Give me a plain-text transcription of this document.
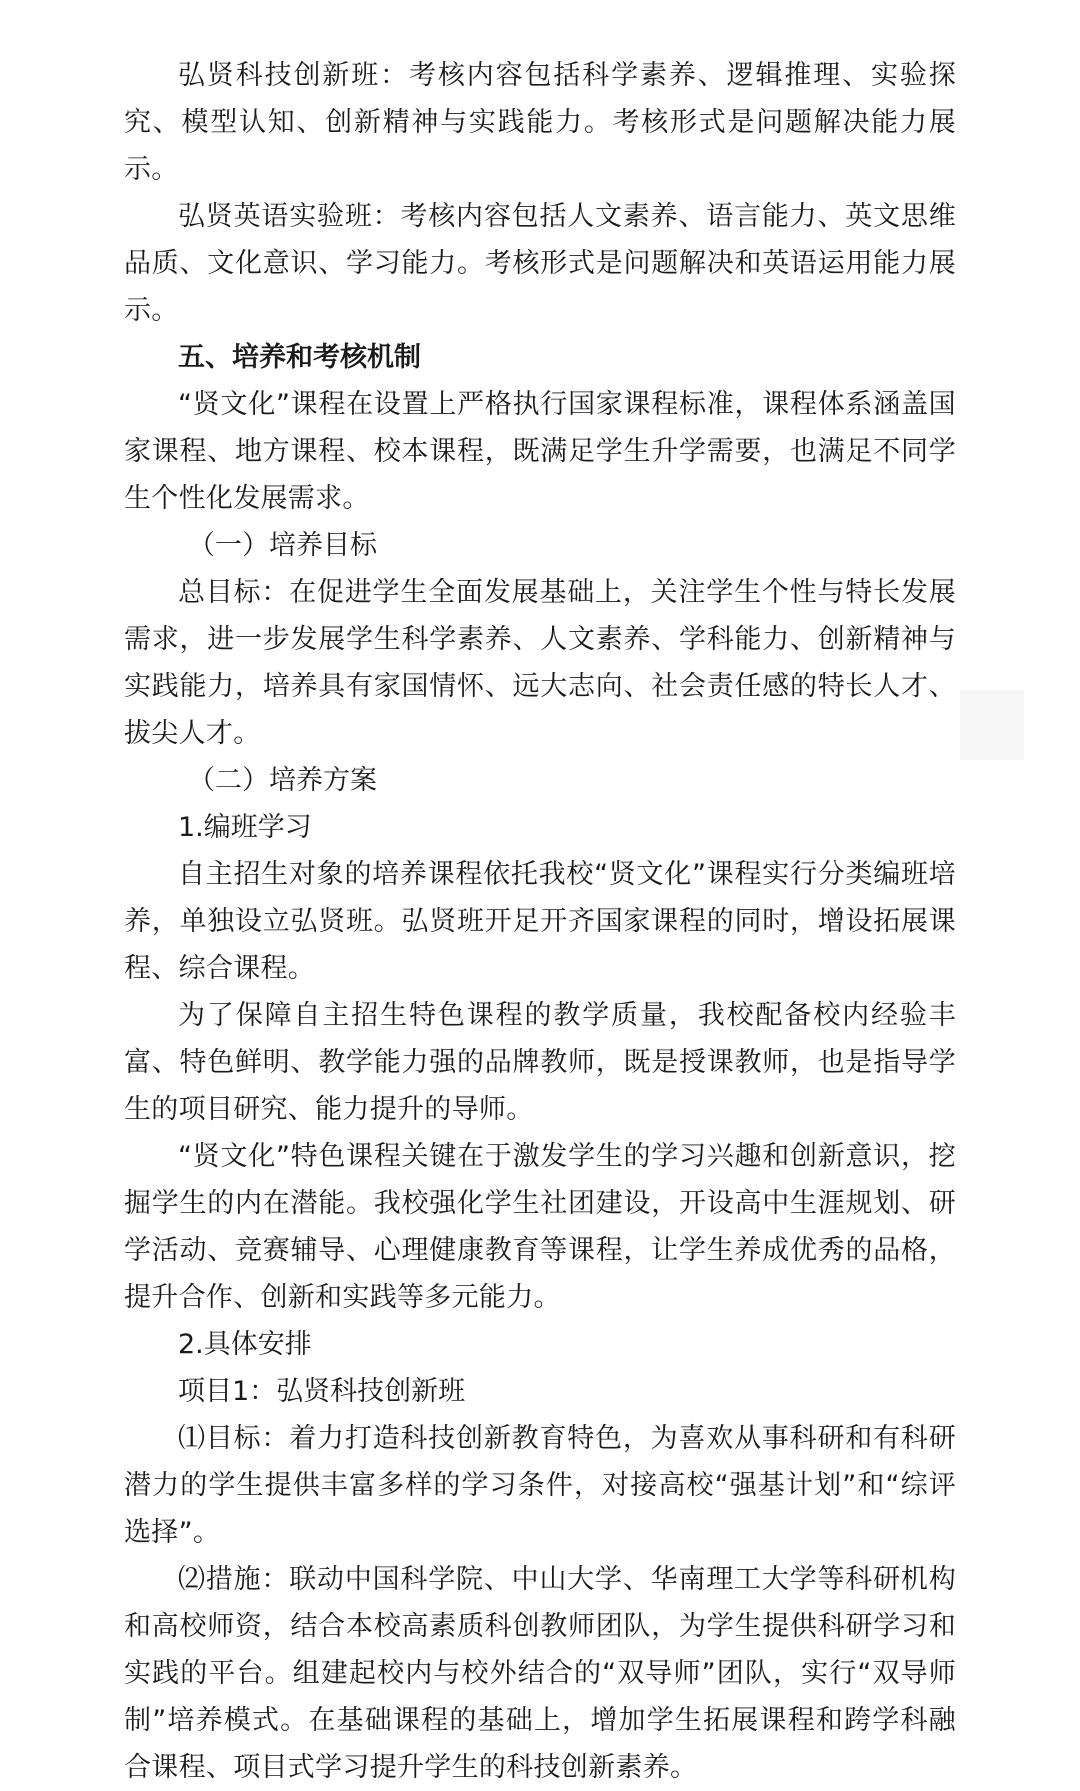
弘贤科技创新班：考核内容包括科学素养、逻辑推理、实验探究、模型认知、创新精神与实践能力。考核形式是问题解决能力展示。

弘贤英语实验班：考核内容包括人文素养、语言能力、英文思维品质、文化意识、学习能力。考核形式是问题解决和英语运用能力展示。

五、培养和考核机制

“贤文化”课程在设置上严格执行国家课程标准，课程体系涵盖国家课程、地方课程、校本课程，既满足学生升学需要，也满足不同学生个性化发展需求。

（一）培养目标

总目标：在促进学生全面发展基础上，关注学生个性与特长发展需求，进一步发展学生科学素养、人文素养、学科能力、创新精神与实践能力，培养具有家国情怀、远大志向、社会责任感的特长人才、拔尖人才。

（二）培养方案

1.编班学习

自主招生对象的培养课程依托我校“贤文化”课程实行分类编班培养，单独设立弘贤班。弘贤班开足开齐国家课程的同时，增设拓展课程、综合课程。

为了保障自主招生特色课程的教学质量，我校配备校内经验丰富、特色鲜明、教学能力强的品牌教师，既是授课教师，也是指导学生的项目研究、能力提升的导师。

“贤文化”特色课程关键在于激发学生的学习兴趣和创新意识，挖掘学生的内在潜能。我校强化学生社团建设，开设高中生涯规划、研学活动、竞赛辅导、心理健康教育等课程，让学生养成优秀的品格，提升合作、创新和实践等多元能力。

2.具体安排

项目1：弘贤科技创新班

⑴目标：着力打造科技创新教育特色，为喜欢从事科研和有科研潜力的学生提供丰富多样的学习条件，对接高校“强基计划”和“综评选择”。

⑵措施：联动中国科学院、中山大学、华南理工大学等科研机构和高校师资，结合本校高素质科创教师团队，为学生提供科研学习和实践的平台。组建起校内与校外结合的“双导师”团队，实行“双导师制”培养模式。在基础课程的基础上，增加学生拓展课程和跨学科融合课程、项目式学习提升学生的科技创新素养。
